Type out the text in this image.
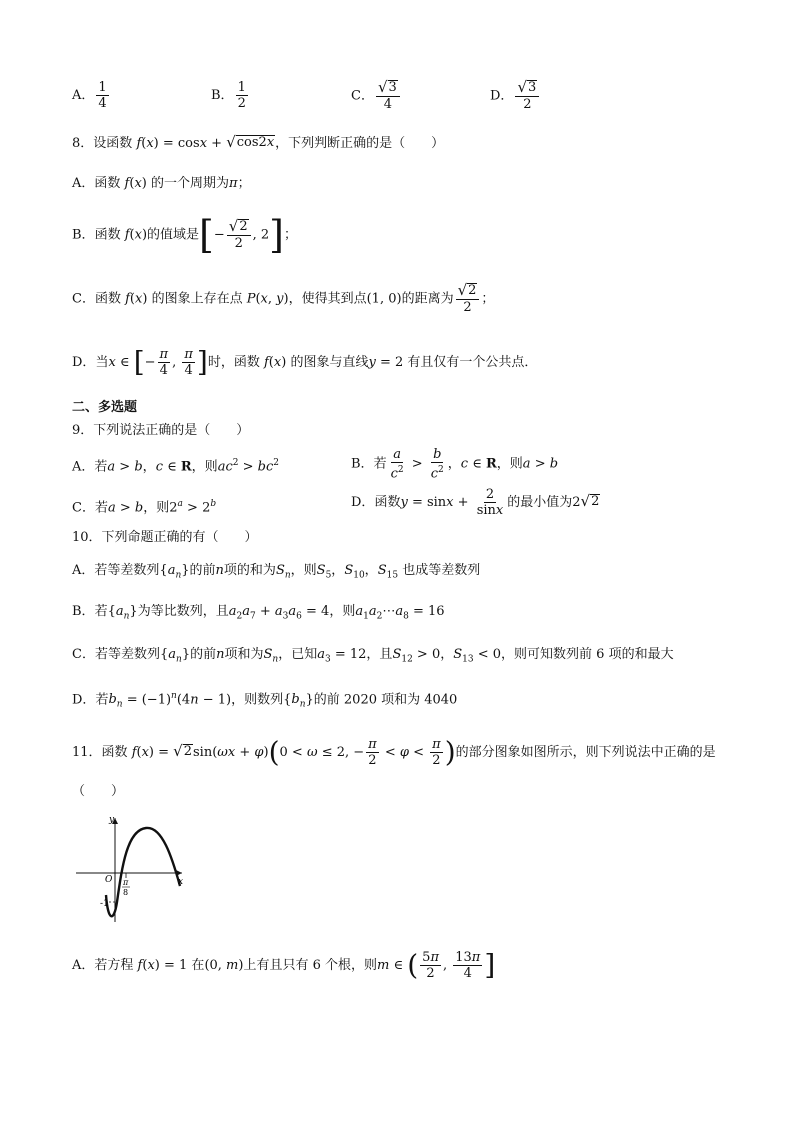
A． $\frac{1}{4}$	B． $\frac{1}{2}$	C． $\frac{√ 3}{4}$	D． $\frac{√ 3}{2}$
8．设函数 f(x) = cosx + √ cos2x ，下列判断正确的是（　　）
A．函数 f(x) 的一个周期为π；
B．函数 f(x)的值域是[− $\frac{√ 2}{2}$ , 2]；
C．函数 f(x) 的图象上存在点 P(x, y)，使得其到点(1, 0)的距离为 $\frac{√ 2}{2}$ ；
D．当x ∈ [− $\frac{\pi}{4}$ , $\frac{\pi}{4}$ ]时，函数 f(x) 的图象与直线y = 2 有且仅有一个公共点．
二、多选题
9．下列说法正确的是（　　）
A．若a > b，c ∈ R，则$ac^2 > bc^2$	B．若 $\frac{a}{c^2} > \frac{b}{c^2}$ ，c ∈ R，则a > b
C．若a > b，则$2^a > 2^b$	D．函数$y = \sin x + \frac{2}{\sin x}$ 的最小值为2 √ 2
10．下列命题正确的有（　　）
A．若等差数列$\{a_n\}$的前n项的和为$S_n$，则$S_5$，$S_{10}$，$S_{15}$ 也成等差数列
B．若$\{a_n\}$为等比数列，且$a_2a_7 + a_3a_6 = 4$，则$a_1a_2\cdots a_8 = 16$
C．若等差数列$\{a_n\}$的前n项和为$S_n$，已知$a_3 = 12$，且$S_{12} > 0$，$S_{13} < 0$，则可知数列前 6 项的和最大
D．若$b_n = (-1)^n(4n - 1)$，则数列$\{b_n\}$的前 2020 项和为 4040
11．函数 f(x) = √ 2 sin(ωx + φ)(0 < ω ≤ 2, − $\frac{\pi}{2} < \varphi < \frac{\pi}{2}$ )的部分图象如图所示，则下列说法中正确的是
（　　）
y
x
O
-1
π
8
A．若方程 f(x) = 1 在(0, m)上有且只有 6 个根，则m ∈ ( $\frac{5\pi}{2}$ , $\frac{13\pi}{4}$ ]
